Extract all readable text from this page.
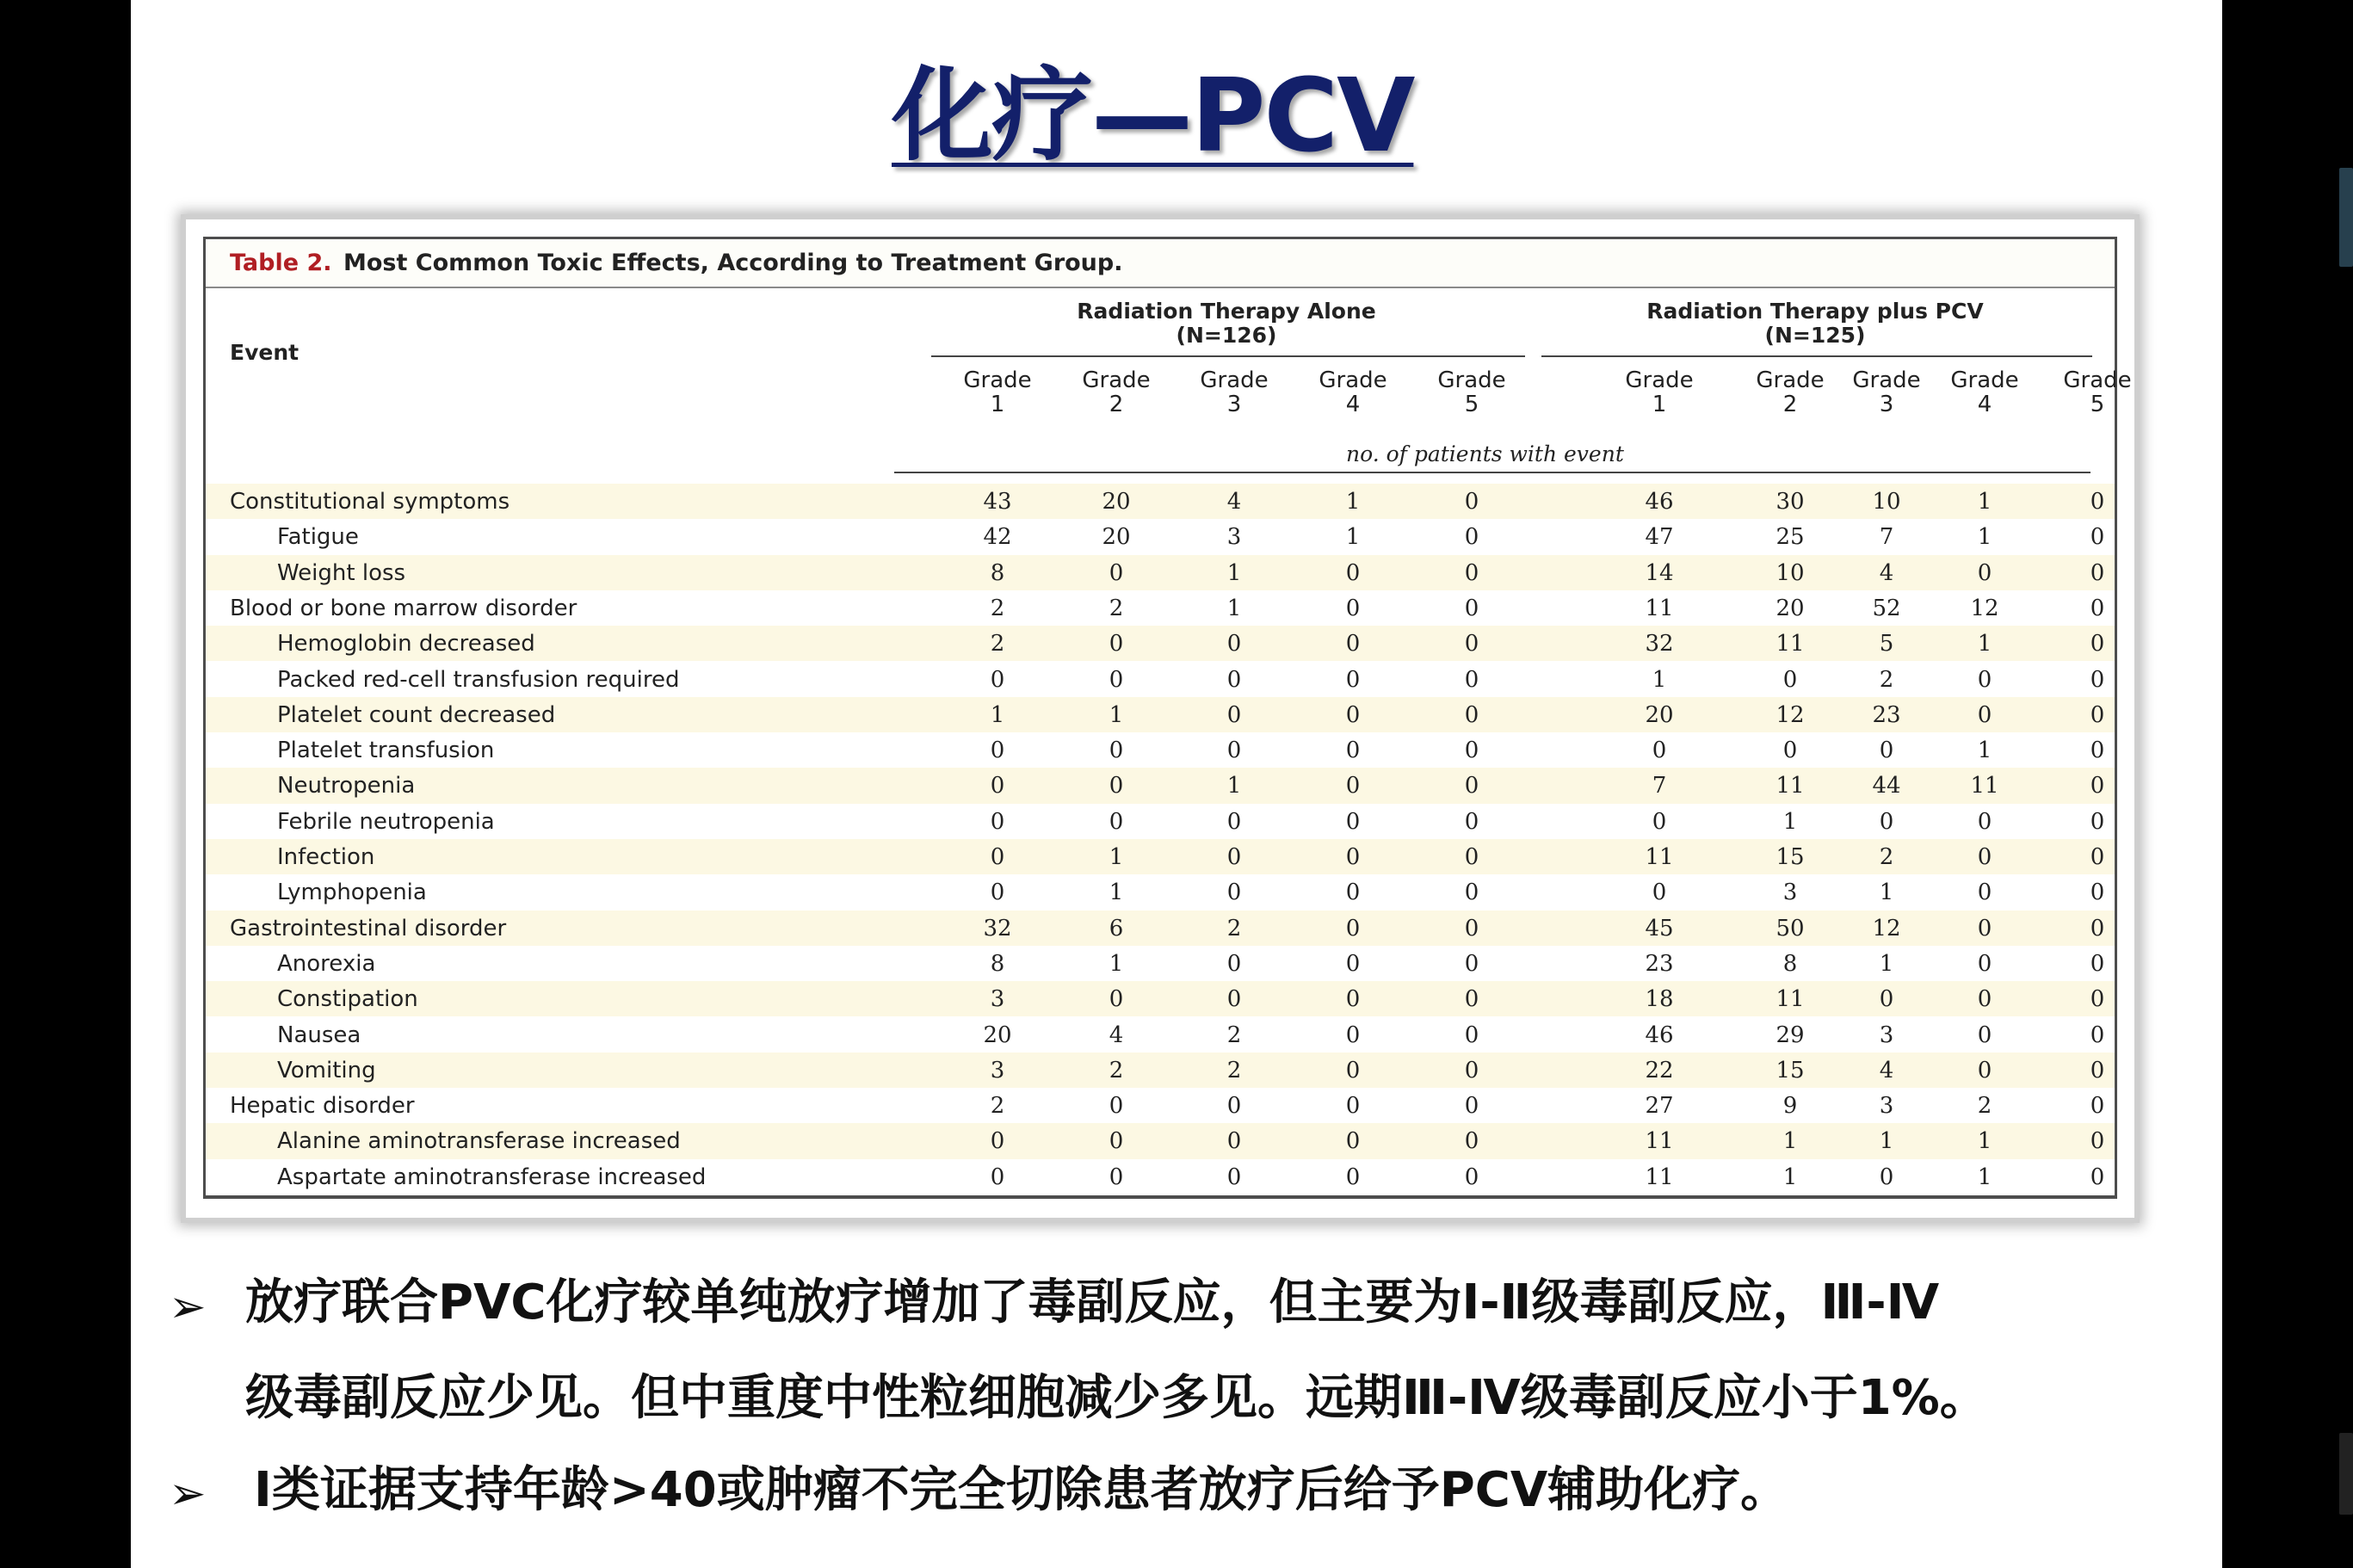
化疗—PCV
Table 2. Most Common Toxic Effects, According to Treatment Group.
Event
Radiation Therapy Alone
(N=126)
Radiation Therapy plus PCV
(N=125)
Grade
1
Grade
2
Grade
3
Grade
4
Grade
5
Grade
1
Grade
2
Grade
3
Grade
4
Grade
5
no. of patients with event
Constitutional symptoms	43	20	4	1	0	46	30	10	1	0
Fatigue	42	20	3	1	0	47	25	7	1	0
Weight loss	8	0	1	0	0	14	10	4	0	0
Blood or bone marrow disorder	2	2	1	0	0	11	20	52	12	0
Hemoglobin decreased	2	0	0	0	0	32	11	5	1	0
Packed red-cell transfusion required	0	0	0	0	0	1	0	2	0	0
Platelet count decreased	1	1	0	0	0	20	12	23	0	0
Platelet transfusion	0	0	0	0	0	0	0	0	1	0
Neutropenia	0	0	1	0	0	7	11	44	11	0
Febrile neutropenia	0	0	0	0	0	0	1	0	0	0
Infection	0	1	0	0	0	11	15	2	0	0
Lymphopenia	0	1	0	0	0	0	3	1	0	0
Gastrointestinal disorder	32	6	2	0	0	45	50	12	0	0
Anorexia	8	1	0	0	0	23	8	1	0	0
Constipation	3	0	0	0	0	18	11	0	0	0
Nausea	20	4	2	0	0	46	29	3	0	0
Vomiting	3	2	2	0	0	22	15	4	0	0
Hepatic disorder	2	0	0	0	0	27	9	3	2	0
Alanine aminotransferase increased	0	0	0	0	0	11	1	1	1	0
Aspartate aminotransferase increased	0	0	0	0	0	11	1	0	1	0
➢ 放疗联合PVC化疗较单纯放疗增加了毒副反应，但主要为Ⅰ-Ⅱ级毒副反应，Ⅲ-Ⅳ
级毒副反应少见。但中重度中性粒细胞减少多见。远期Ⅲ-Ⅳ级毒副反应小于1%。
➢ Ⅰ类证据支持年龄>40或肿瘤不完全切除患者放疗后给予PCV辅助化疗。
